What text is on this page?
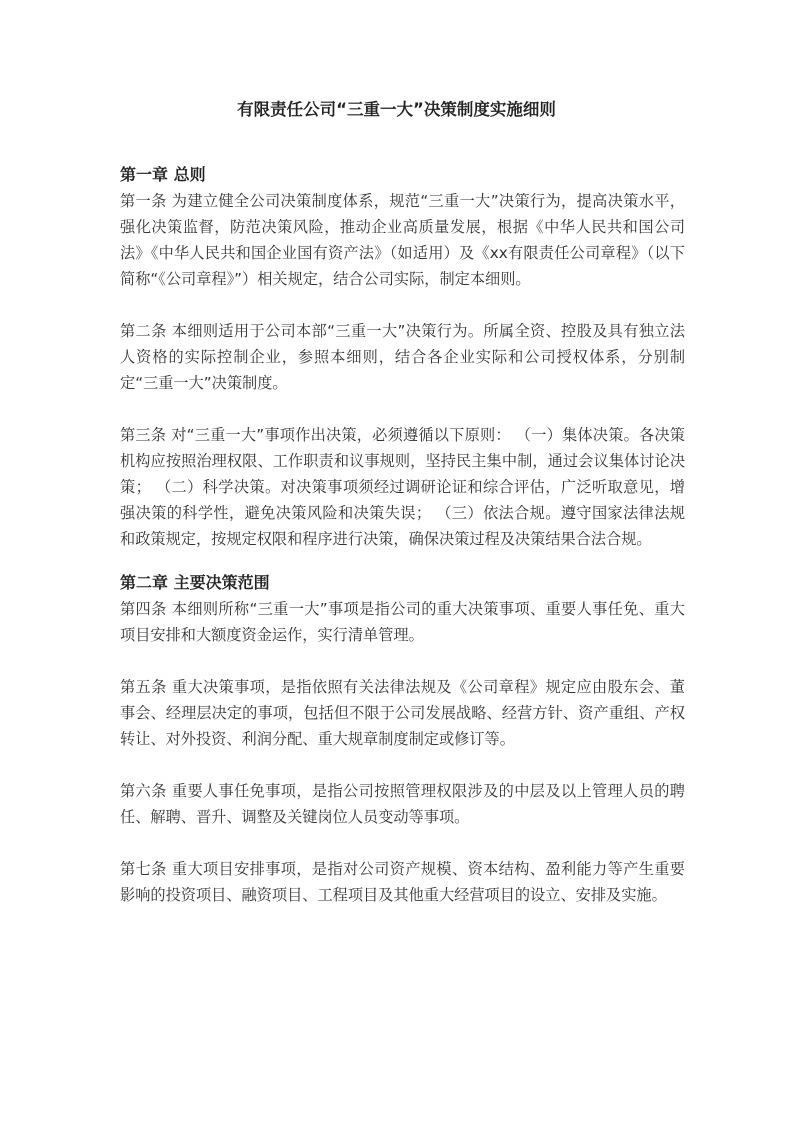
有限责任公司“三重一大”决策制度实施细则
第一章 总则

第一条 为建立健全公司决策制度体系，规范“三重一大”决策行为，提高决策水平，强化决策监督，防范决策风险，推动企业高质量发展，根据《中华人民共和国公司法》《中华人民共和国企业国有资产法》（如适用）及《xx有限责任公司章程》（以下简称“《公司章程》”）相关规定，结合公司实际，制定本细则。

第二条 本细则适用于公司本部“三重一大”决策行为。所属全资、控股及具有独立法人资格的实际控制企业，参照本细则，结合各企业实际和公司授权体系，分别制定“三重一大”决策制度。

第三条 对“三重一大”事项作出决策，必须遵循以下原则： （一）集体决策。各决策机构应按照治理权限、工作职责和议事规则，坚持民主集中制，通过会议集体讨论决策； （二）科学决策。对决策事项须经过调研论证和综合评估，广泛听取意见，增强决策的科学性，避免决策风险和决策失误； （三）依法合规。遵守国家法律法规和政策规定，按规定权限和程序进行决策，确保决策过程及决策结果合法合规。

第二章 主要决策范围

第四条 本细则所称“三重一大”事项是指公司的重大决策事项、重要人事任免、重大项目安排和大额度资金运作，实行清单管理。

第五条 重大决策事项，是指依照有关法律法规及《公司章程》规定应由股东会、董事会、经理层决定的事项，包括但不限于公司发展战略、经营方针、资产重组、产权转让、对外投资、利润分配、重大规章制度制定或修订等。

第六条 重要人事任免事项，是指公司按照管理权限涉及的中层及以上管理人员的聘任、解聘、晋升、调整及关键岗位人员变动等事项。

第七条 重大项目安排事项，是指对公司资产规模、资本结构、盈利能力等产生重要影响的投资项目、融资项目、工程项目及其他重大经营项目的设立、安排及实施。
